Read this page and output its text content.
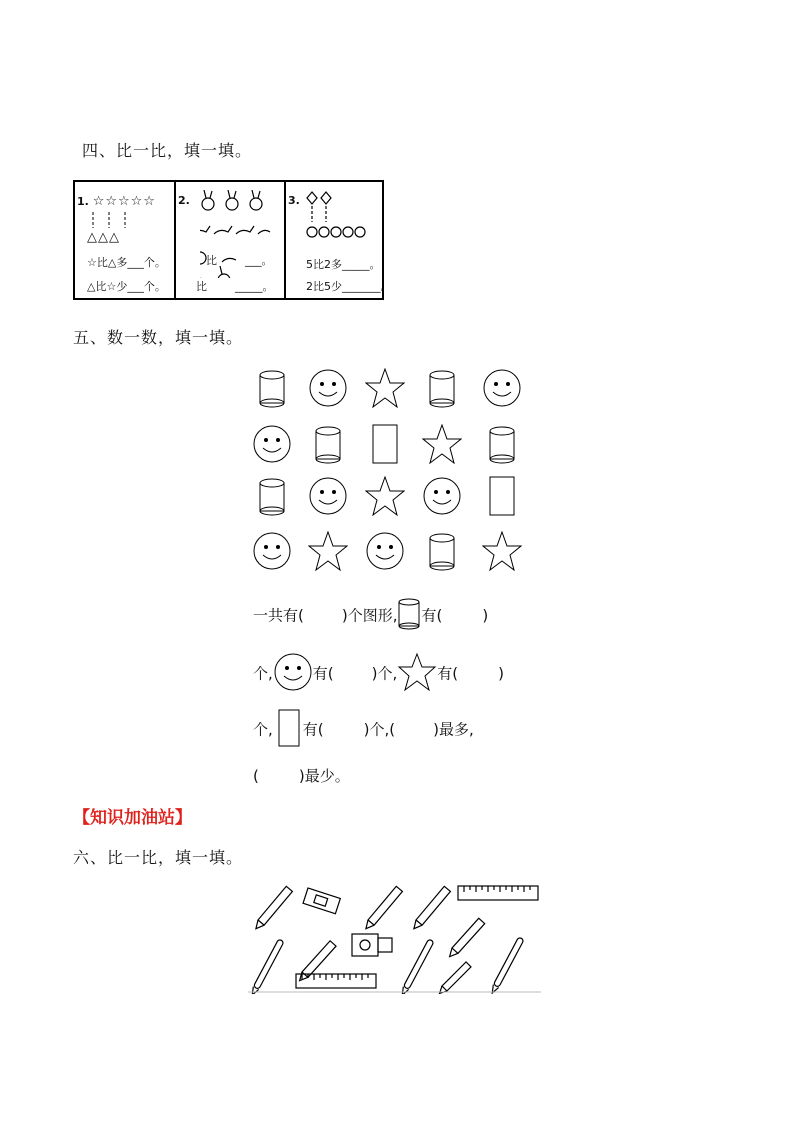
四、比一比，填一填。
1. ☆☆☆☆☆
△△△
☆比△多___个。
△比☆少___个。
2.
比        ___。
比        _____。
3.
5比2多_____。
2比5少_______。
五、数一数，填一填。
一共有(	)个图形, 有(	)
个,	有(	)个,	有(	)
个, 有(	)个,(	)最多,
(	)最少。
【知识加油站】
六、比一比，填一填。
